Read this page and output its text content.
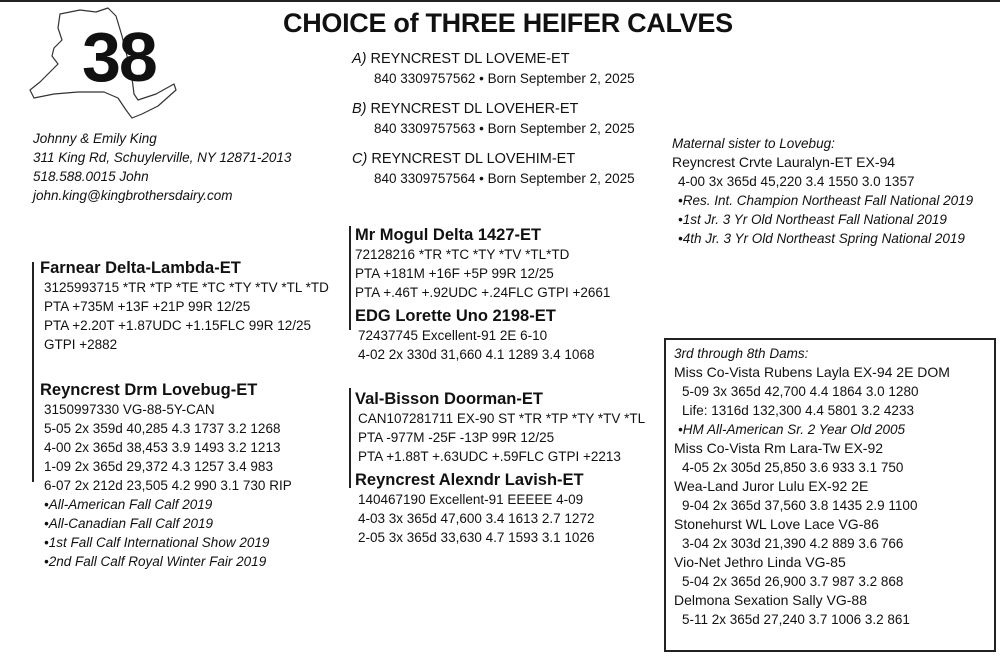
38	CHOICE of THREE HEIFER CALVES
Johnny & Emily King
311 King Rd, Schuylerville, NY 12871-2013
518.588.0015 John
john.king@kingbrothersdairy.com
A) REYNCREST DL LOVEME-ET
840 3309757562 • Born September 2, 2025
B) REYNCREST DL LOVEHER-ET
840 3309757563 • Born September 2, 2025
C) REYNCREST DL LOVEHIM-ET
840 3309757564 • Born September 2, 2025
Farnear Delta-Lambda-ET
3125993715 *TR *TP *TE *TC *TY *TV *TL *TD
PTA +735M +13F +21P 99R 12/25
PTA +2.20T +1.87UDC +1.15FLC 99R 12/25
GTPI +2882
Reyncrest Drm Lovebug-ET
3150997330 VG-88-5Y-CAN
5-05 2x 359d 40,285 4.3 1737 3.2 1268
4-00 2x 365d 38,453 3.9 1493 3.2 1213
1-09 2x 365d 29,372 4.3 1257 3.4 983
6-07 2x 212d 23,505 4.2 990 3.1 730 RIP
•All-American Fall Calf 2019
•All-Canadian Fall Calf 2019
•1st Fall Calf International Show 2019
•2nd Fall Calf Royal Winter Fair 2019
Mr Mogul Delta 1427-ET
72128216 *TR *TC *TY *TV *TL*TD
PTA +181M +16F +5P 99R 12/25
PTA +.46T +.92UDC +.24FLC GTPI +2661
EDG Lorette Uno 2198-ET
72437745 Excellent-91 2E 6-10
4-02 2x 330d 31,660 4.1 1289 3.4 1068
Val-Bisson Doorman-ET
CAN107281711 EX-90 ST *TR *TP *TY *TV *TL
PTA -977M -25F -13P 99R 12/25
PTA +1.88T +.63UDC +.59FLC GTPI +2213
Reyncrest Alexndr Lavish-ET
140467190 Excellent-91 EEEEE 4-09
4-03 3x 365d 47,600 3.4 1613 2.7 1272
2-05 3x 365d 33,630 4.7 1593 3.1 1026
Maternal sister to Lovebug:
Reyncrest Crvte Lauralyn-ET EX-94
4-00 3x 365d 45,220 3.4 1550 3.0 1357
•Res. Int. Champion Northeast Fall National 2019
•1st Jr. 3 Yr Old Northeast Fall National 2019
•4th Jr. 3 Yr Old Northeast Spring National 2019
3rd through 8th Dams:
Miss Co-Vista Rubens Layla EX-94 2E DOM
5-09 3x 365d 42,700 4.4 1864 3.0 1280
Life: 1316d 132,300 4.4 5801 3.2 4233
•HM All-American Sr. 2 Year Old 2005
Miss Co-Vista Rm Lara-Tw EX-92
4-05 2x 305d 25,850 3.6 933 3.1 750
Wea-Land Juror Lulu EX-92 2E
9-04 2x 365d 37,560 3.8 1435 2.9 1100
Stonehurst WL Love Lace VG-86
3-04 2x 303d 21,390 4.2 889 3.6 766
Vio-Net Jethro Linda VG-85
5-04 2x 365d 26,900 3.7 987 3.2 868
Delmona Sexation Sally VG-88
5-11 2x 365d 27,240 3.7 1006 3.2 861
